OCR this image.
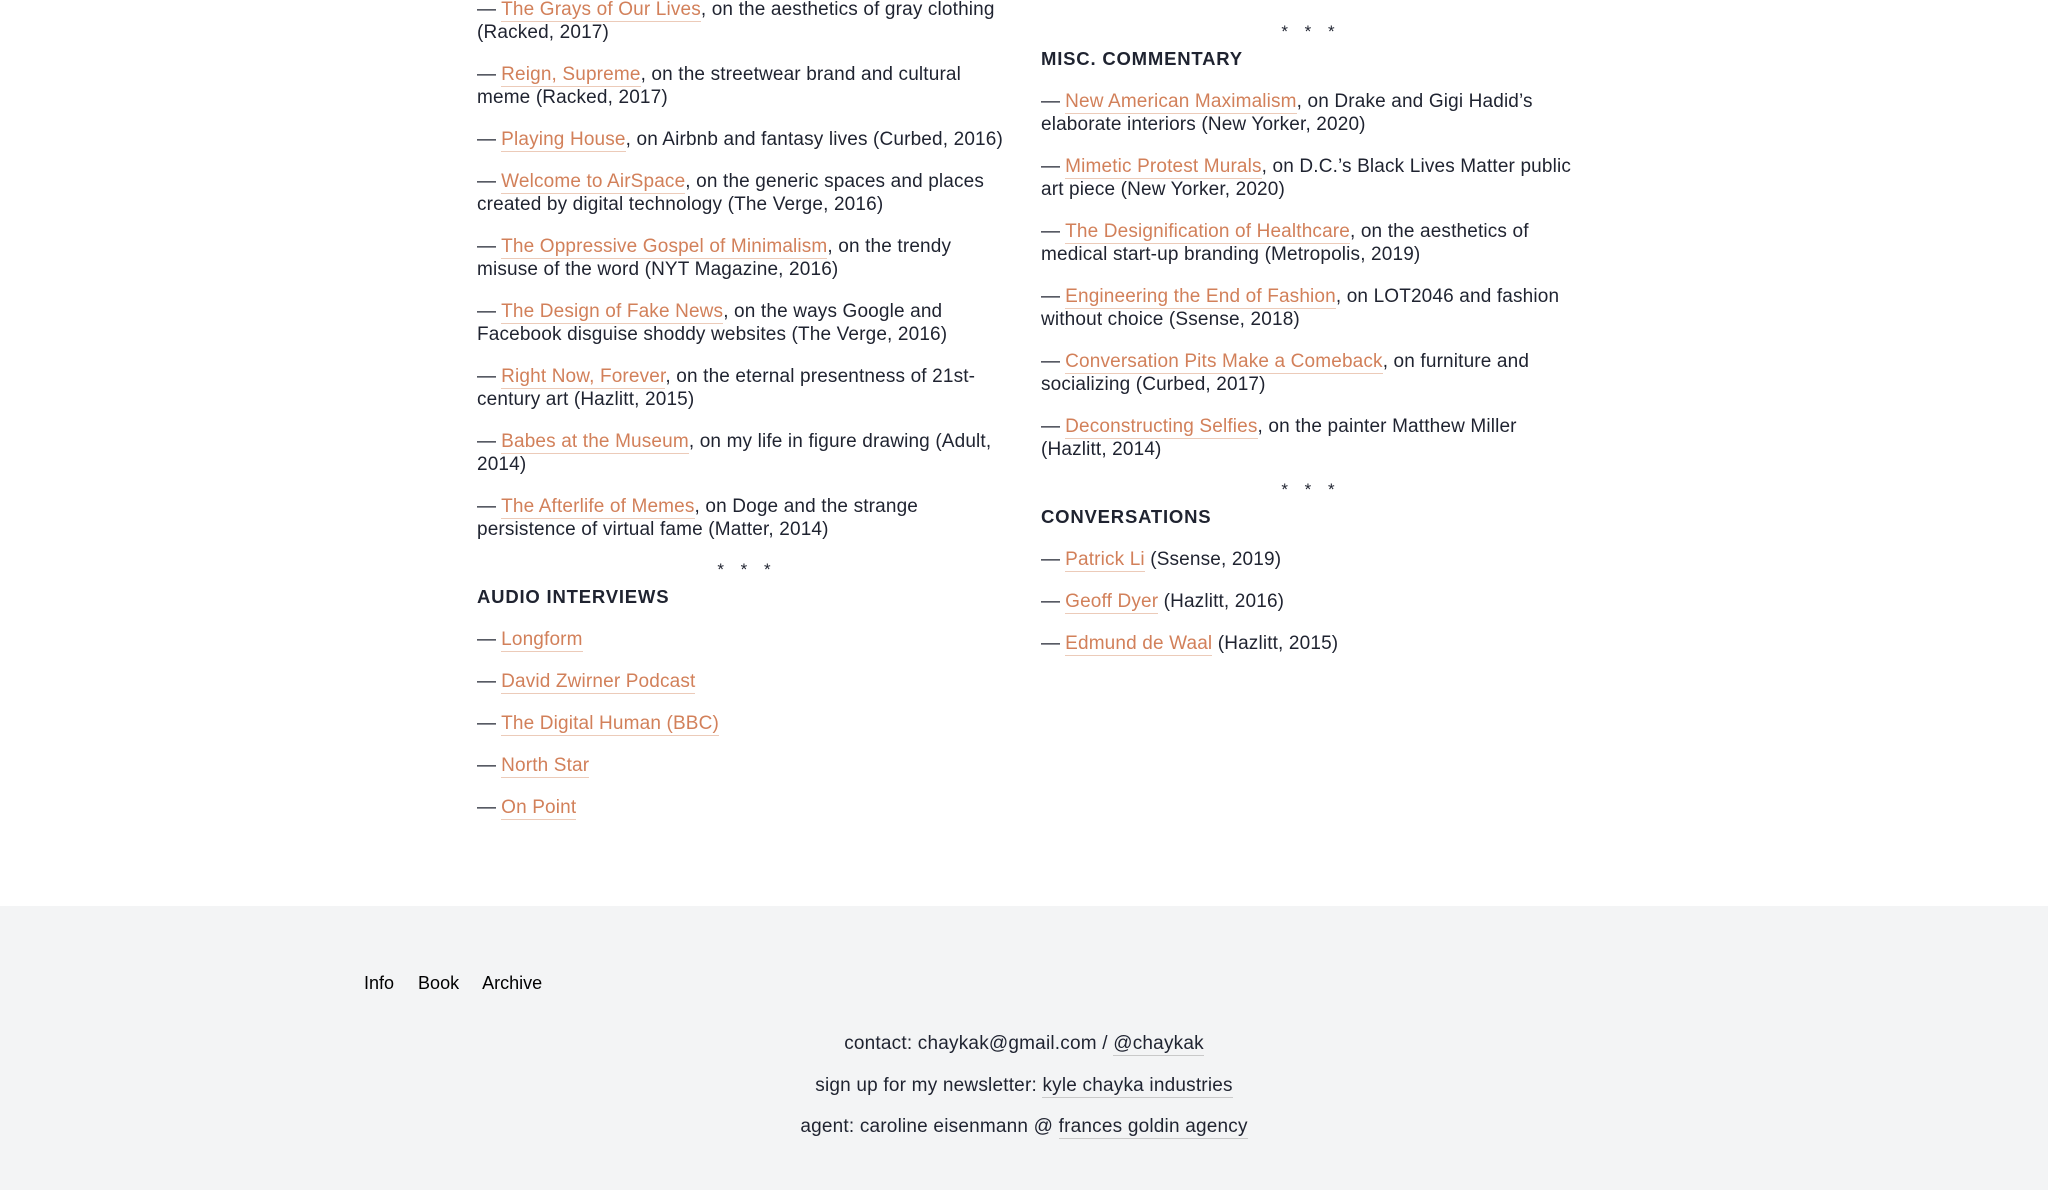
— The Grays of Our Lives, on the aesthetics of gray clothing (Racked, 2017)

— Reign, Supreme, on the streetwear brand and cultural meme (Racked, 2017)

— Playing House, on Airbnb and fantasy lives (Curbed, 2016)

— Welcome to AirSpace, on the generic spaces and places created by digital technology (The Verge, 2016)

— The Oppressive Gospel of Minimalism, on the trendy misuse of the word (NYT Magazine, 2016)

— The Design of Fake News, on the ways Google and Facebook disguise shoddy websites (The Verge, 2016)

— Right Now, Forever, on the eternal presentness of 21st-century art (Hazlitt, 2015)

— Babes at the Museum, on my life in figure drawing (Adult, 2014)

— The Afterlife of Memes, on Doge and the strange persistence of virtual fame (Matter, 2014)

* * *
AUDIO INTERVIEWS

— Longform

— David Zwirner Podcast

— The Digital Human (BBC)

— North Star

— On Point

* * *
MISC. COMMENTARY

— New American Maximalism, on Drake and Gigi Hadid’s elaborate interiors (New Yorker, 2020)

— Mimetic Protest Murals, on D.C.’s Black Lives Matter public art piece (New Yorker, 2020)

— The Designification of Healthcare, on the aesthetics of medical start-up branding (Metropolis, 2019)

— Engineering the End of Fashion, on LOT2046 and fashion without choice (Ssense, 2018)

— Conversation Pits Make a Comeback, on furniture and socializing (Curbed, 2017)

— Deconstructing Selfies, on the painter Matthew Miller (Hazlitt, 2014)

* * *
CONVERSATIONS

— Patrick Li (Ssense, 2019)

— Geoff Dyer (Hazlitt, 2016)

— Edmund de Waal (Hazlitt, 2015)

Info Book Archive
contact: chaykak@gmail.com / @chaykak
sign up for my newsletter: kyle chayka industries
agent: caroline eisenmann @ frances goldin agency
